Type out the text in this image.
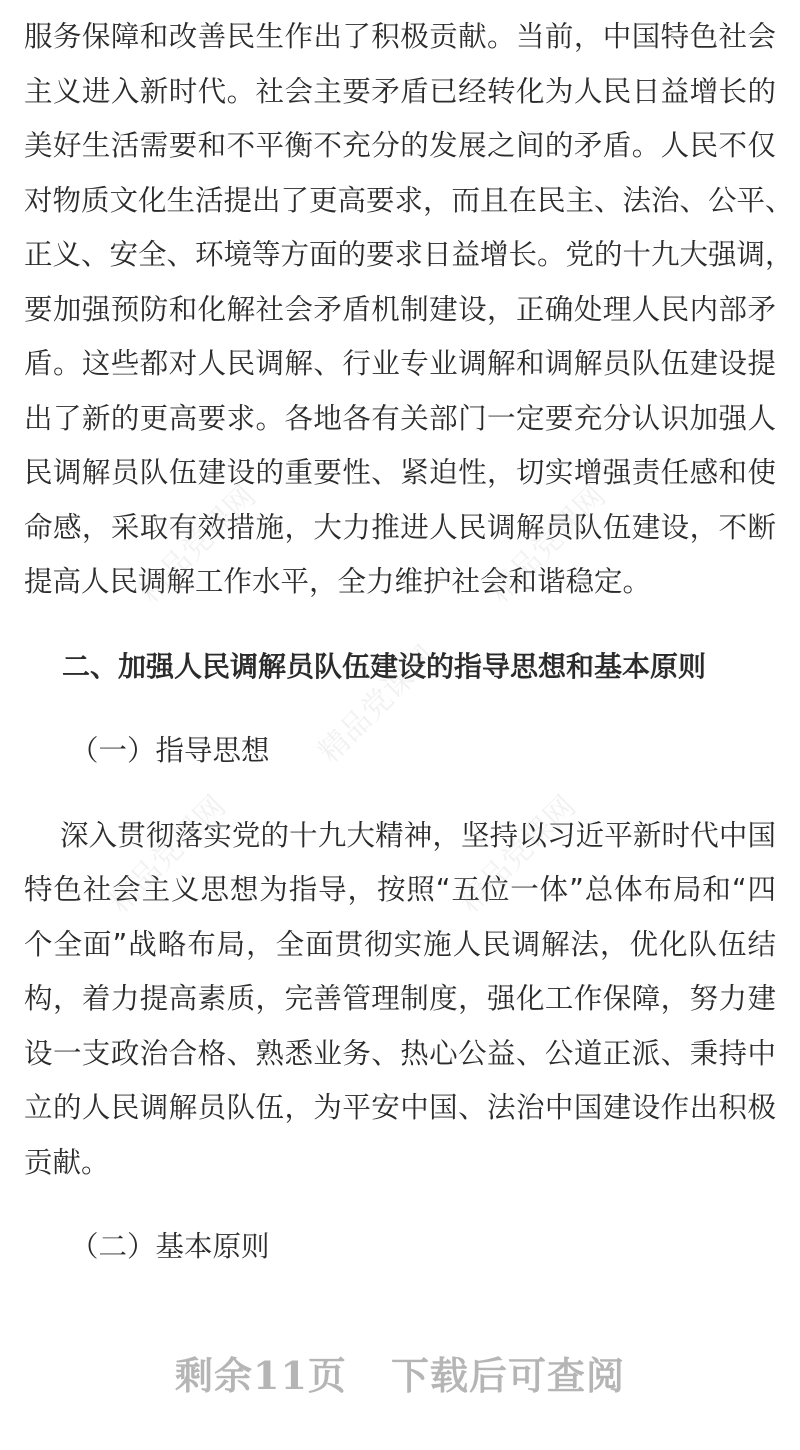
服务保障和改善民生作出了积极贡献。当前，中国特色社会
主义进入新时代。社会主要矛盾已经转化为人民日益增长的
美好生活需要和不平衡不充分的发展之间的矛盾。人民不仅
对物质文化生活提出了更高要求，而且在民主、法治、公平、
正义、安全、环境等方面的要求日益增长。党的十九大强调，
要加强预防和化解社会矛盾机制建设，正确处理人民内部矛
盾。这些都对人民调解、行业专业调解和调解员队伍建设提
出了新的更高要求。各地各有关部门一定要充分认识加强人
民调解员队伍建设的重要性、紧迫性，切实增强责任感和使
命感，采取有效措施，大力推进人民调解员队伍建设，不断
提高人民调解工作水平，全力维护社会和谐稳定。

二、加强人民调解员队伍建设的指导思想和基本原则
（一）指导思想

深入贯彻落实党的十九大精神，坚持以习近平新时代中国
特色社会主义思想为指导，按照“五位一体”总体布局和“四
个全面”战略布局，全面贯彻实施人民调解法，优化队伍结
构，着力提高素质，完善管理制度，强化工作保障，努力建
设一支政治合格、熟悉业务、热心公益、公道正派、秉持中
立的人民调解员队伍，为平安中国、法治中国建设作出积极
贡献。

（二）基本原则
精品党课网	精品党课网
精品党课网
精品党课网	精品党课网
剩余11页 下载后可查阅
